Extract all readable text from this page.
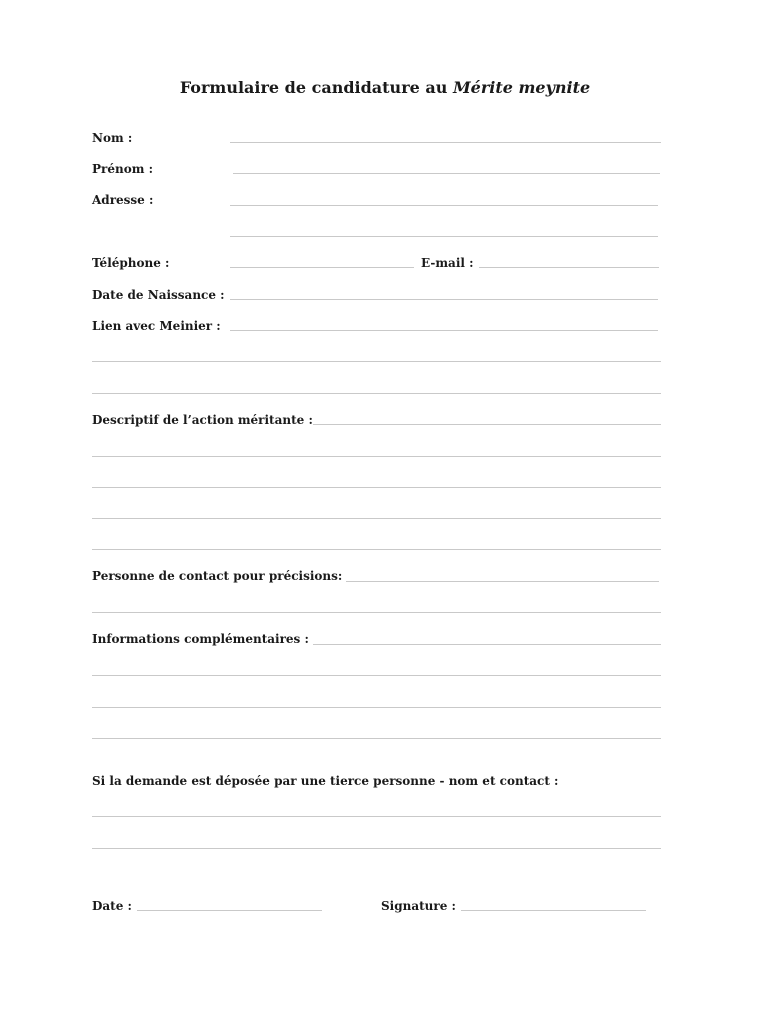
Formulaire de candidature au Mérite meynite
Nom :
Prénom :
Adresse :
Téléphone :	E-mail :
Date de Naissance :
Lien avec Meinier :
Descriptif de l’action méritante :
Personne de contact pour précisions:
Informations complémentaires :
Si la demande est déposée par une tierce personne - nom et contact :
Date :	Signature :
